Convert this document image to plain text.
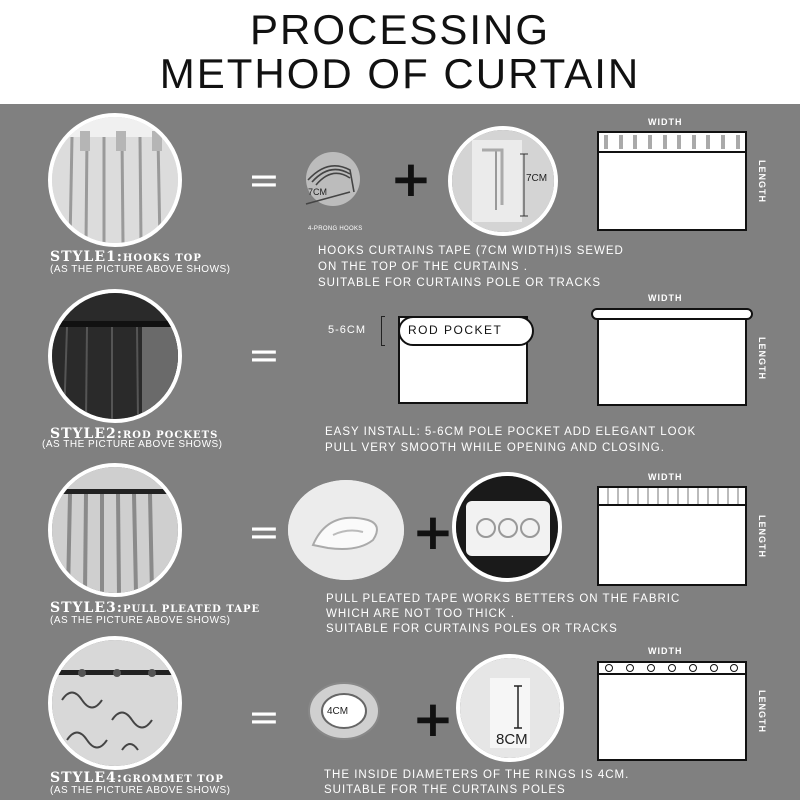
PROCESSING
METHOD OF CURTAIN
=	7CM
4-PRONG HOOKS
+	7CM
WIDTH
LENGTH
STYLE1:HOOKS TOP
(AS THE PICTURE ABOVE SHOWS)
HOOKS CURTAINS TAPE (7CM WIDTH)IS SEWED
ON THE TOP OF THE CURTAINS .
SUITABLE FOR CURTAINS POLE OR TRACKS
=
5-6CM	ROD POCKET
WIDTH
LENGTH
STYLE2:ROD POCKETS
(AS THE PICTURE ABOVE SHOWS)
EASY INSTALL: 5-6CM POLE POCKET ADD ELEGANT LOOK
PULL VERY SMOOTH WHILE OPENING AND CLOSING.
=	+
WIDTH
LENGTH
STYLE3:PULL PLEATED TAPE
(AS THE PICTURE ABOVE SHOWS)
PULL PLEATED TAPE WORKS BETTERS ON THE FABRIC
WHICH ARE NOT TOO THICK .
SUITABLE FOR CURTAINS POLES OR TRACKS
=	4CM +	8CM
WIDTH
LENGTH
STYLE4:GROMMET TOP
(AS THE PICTURE ABOVE SHOWS)
THE INSIDE DIAMETERS OF THE RINGS IS 4CM.
SUITABLE FOR THE CURTAINS POLES
